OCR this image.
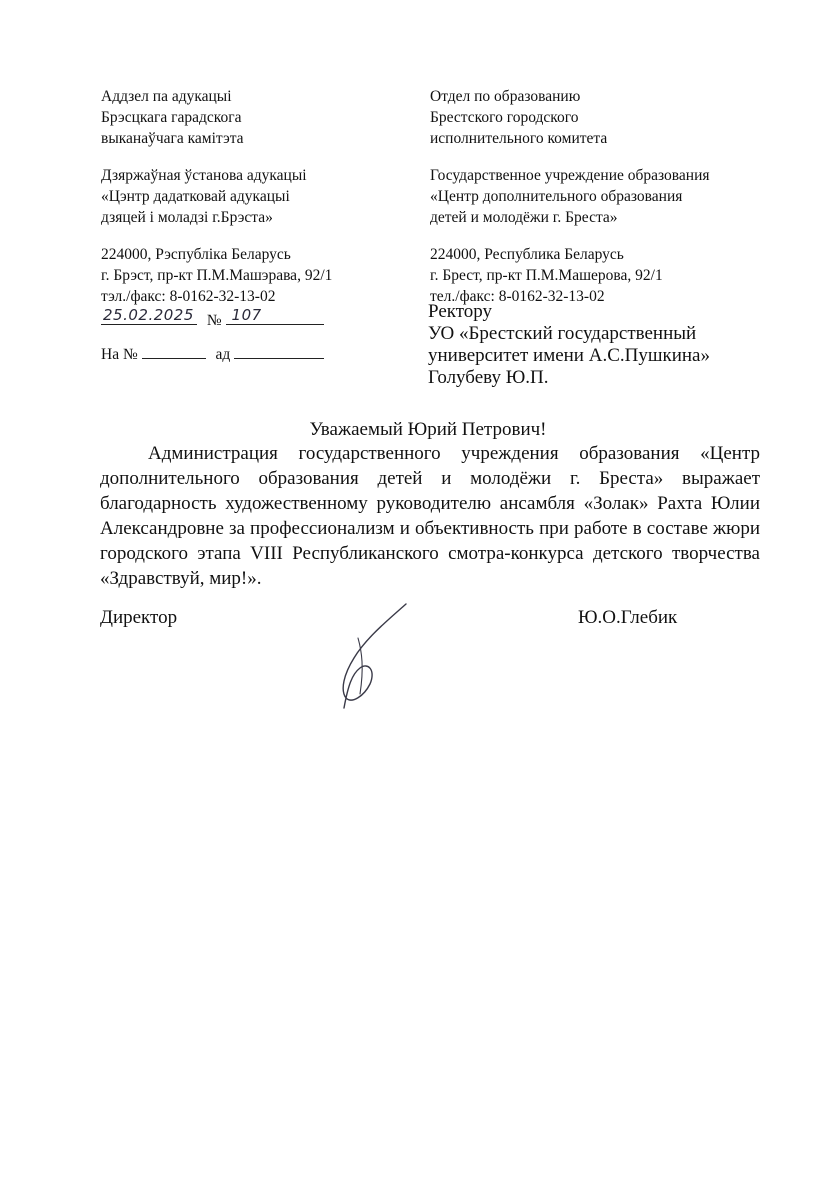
Аддзел па адукацыі
Брэсцкага гарадскога
выканаўчага камітэта
Дзяржаўная ўстанова адукацыі
«Цэнтр дадатковай адукацыі
дзяцей і моладзі г.Брэста»
224000, Рэспубліка Беларусь
г. Брэст, пр-кт П.М.Машэрава, 92/1
тэл./факс: 8-0162-32-13-02
Отдел по образованию
Брестского городского
исполнительного комитета
Государственное учреждение образования
«Центр дополнительного образования
детей и молодёжи г. Бреста»
224000, Республика Беларусь
г. Брест, пр-кт П.М.Машерова, 92/1
тел./факс: 8-0162-32-13-02
25.02.2025 № 107
На №	ад
Ректору
УО «Брестский государственный
университет имени А.С.Пушкина»
Голубеву Ю.П.
Уважаемый Юрий Петрович!
Администрация государственного учреждения образования «Центр дополнительного образования детей и молодёжи г. Бреста» выражает благодарность художественному руководителю ансамбля «Золак» Рахта Юлии Александровне за профессионализм и объективность при работе в составе жюри городского этапа VIII Республиканского смотра-конкурса детского творчества «Здравствуй, мир!».
Директор	Ю.О.Глебик
